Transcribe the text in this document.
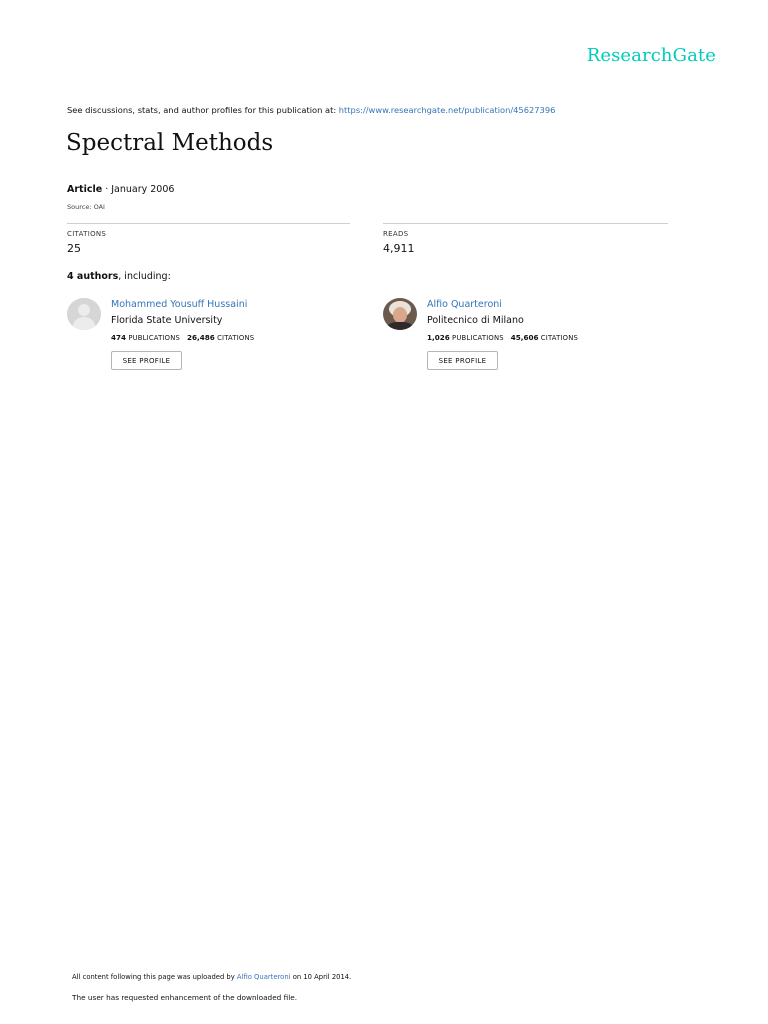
ResearchGate
See discussions, stats, and author profiles for this publication at: https://www.researchgate.net/publication/45627396
Spectral Methods
Article · January 2006
Source: OAI
CITATIONS
25
READS
4,911
4 authors, including:
Mohammed Yousuff Hussaini
Florida State University
474 PUBLICATIONS 26,486 CITATIONS
SEE PROFILE
Alfio Quarteroni
Politecnico di Milano
1,026 PUBLICATIONS 45,606 CITATIONS
SEE PROFILE
All content following this page was uploaded by Alfio Quarteroni on 10 April 2014.
The user has requested enhancement of the downloaded file.
